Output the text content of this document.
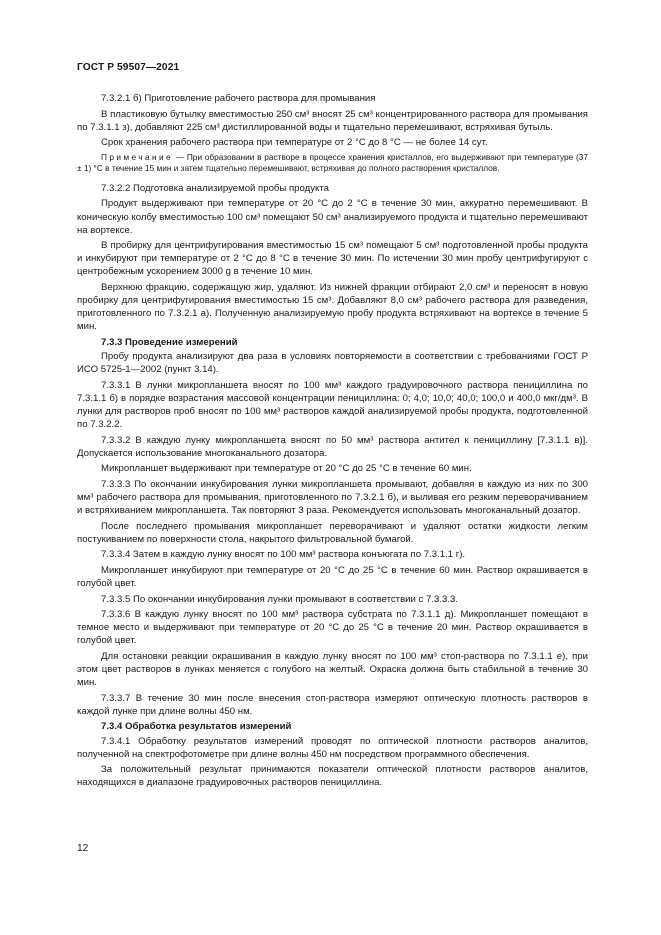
ГОСТ Р 59507—2021

7.3.2.1 б) Приготовление рабочего раствора для промывания

В пластиковую бутылку вместимостью 250 см³ вносят 25 см³ концентрированного раствора для промывания по 7.3.1.1 з), добавляют 225 см³ дистиллированной воды и тщательно перемешивают, встряхивая бутыль.

Срок хранения рабочего раствора при температуре от 2 °С до 8 °С — не более 14 сут.

Примечание — При образовании в растворе в процессе хранения кристаллов, его выдерживают при температуре (37 ± 1) °С в течение 15 мин и затем тщательно перемешивают, встряхивая до полного растворения кристаллов.

7.3.2.2 Подготовка анализируемой пробы продукта

Продукт выдерживают при температуре от 20 °С до 2 °С в течение 30 мин, аккуратно перемешивают. В коническую колбу вместимостью 100 см³ помещают 50 см³ анализируемого продукта и тщательно перемешивают на вортексе.

В пробирку для центрифугирования вместимостью 15 см³ помещают 5 см³ подготовленной пробы продукта и инкубируют при температуре от 2 °С до 8 °С в течение 30 мин. По истечении 30 мин пробу центрифугируют с центробежным ускорением 3000 g в течение 10 мин.

Верхнюю фракцию, содержащую жир, удаляют. Из нижней фракции отбирают 2,0 см³ и переносят в новую пробирку для центрифугирования вместимостью 15 см³. Добавляют 8,0 см³ рабочего раствора для разведения, приготовленного по 7.3.2.1 а). Полученную анализируемую пробу продукта встряхивают на вортексе в течение 5 мин.

7.3.3 Проведение измерений

Пробу продукта анализируют два раза в условиях повторяемости в соответствии с требованиями ГОСТ Р ИСО 5725-1—2002 (пункт 3.14).

7.3.3.1 В лунки микропланшета вносят по 100 мм³ каждого градуировочного раствора пенициллина по 7.3.1.1 б) в порядке возрастания массовой концентрации пенициллина: 0; 4,0; 10,0; 40,0; 100,0 и 400,0 мкг/дм³. В лунки для растворов проб вносят по 100 мм³ растворов каждой анализируемой пробы продукта, подготовленной по 7.3.2.2.

7.3.3.2 В каждую лунку микропланшета вносят по 50 мм³ раствора антител к пенициллину [7.3.1.1 в)]. Допускается использование многоканального дозатора.

Микропланшет выдерживают при температуре от 20 °С до 25 °С в течение 60 мин.

7.3.3.3 По окончании инкубирования лунки микропланшета промывают, добавляя в каждую из них по 300 мм³ рабочего раствора для промывания, приготовленного по 7.3.2.1 б), и выливая его резким переворачиванием и встряхиванием микропланшета. Так повторяют 3 раза. Рекомендуется использовать многоканальный дозатор.

После последнего промывания микропланшет переворачивают и удаляют остатки жидкости легким постукиванием по поверхности стола, накрытого фильтровальной бумагой.

7.3.3.4 Затем в каждую лунку вносят по 100 мм³ раствора конъюгата по 7.3.1.1 г).

Микропланшет инкубируют при температуре от 20 °С до 25 °С в течение 60 мин. Раствор окрашивается в голубой цвет.

7.3.3.5 По окончании инкубирования лунки промывают в соответствии с 7.3.3.3.

7.3.3.6 В каждую лунку вносят по 100 мм³ раствора субстрата по 7.3.1.1 д). Микропланшет помещают в темное место и выдерживают при температуре от 20 °С до 25 °С в течение 20 мин. Раствор окрашивается в голубой цвет.

Для остановки реакции окрашивания в каждую лунку вносят по 100 мм³ стоп-раствора по 7.3.1.1 е), при этом цвет растворов в лунках меняется с голубого на желтый. Окраска должна быть стабильной в течение 30 мин.

7.3.3.7 В течение 30 мин после внесения стоп-раствора измеряют оптическую плотность растворов в каждой лунке при длине волны 450 нм.

7.3.4 Обработка результатов измерений

7.3.4.1 Обработку результатов измерений проводят по оптической плотности растворов аналитов, полученной на спектрофотометре при длине волны 450 нм посредством программного обеспечения.

За положительный результат принимаются показатели оптической плотности растворов аналитов, находящихся в диапазоне градуировочных растворов пенициллина.

12
